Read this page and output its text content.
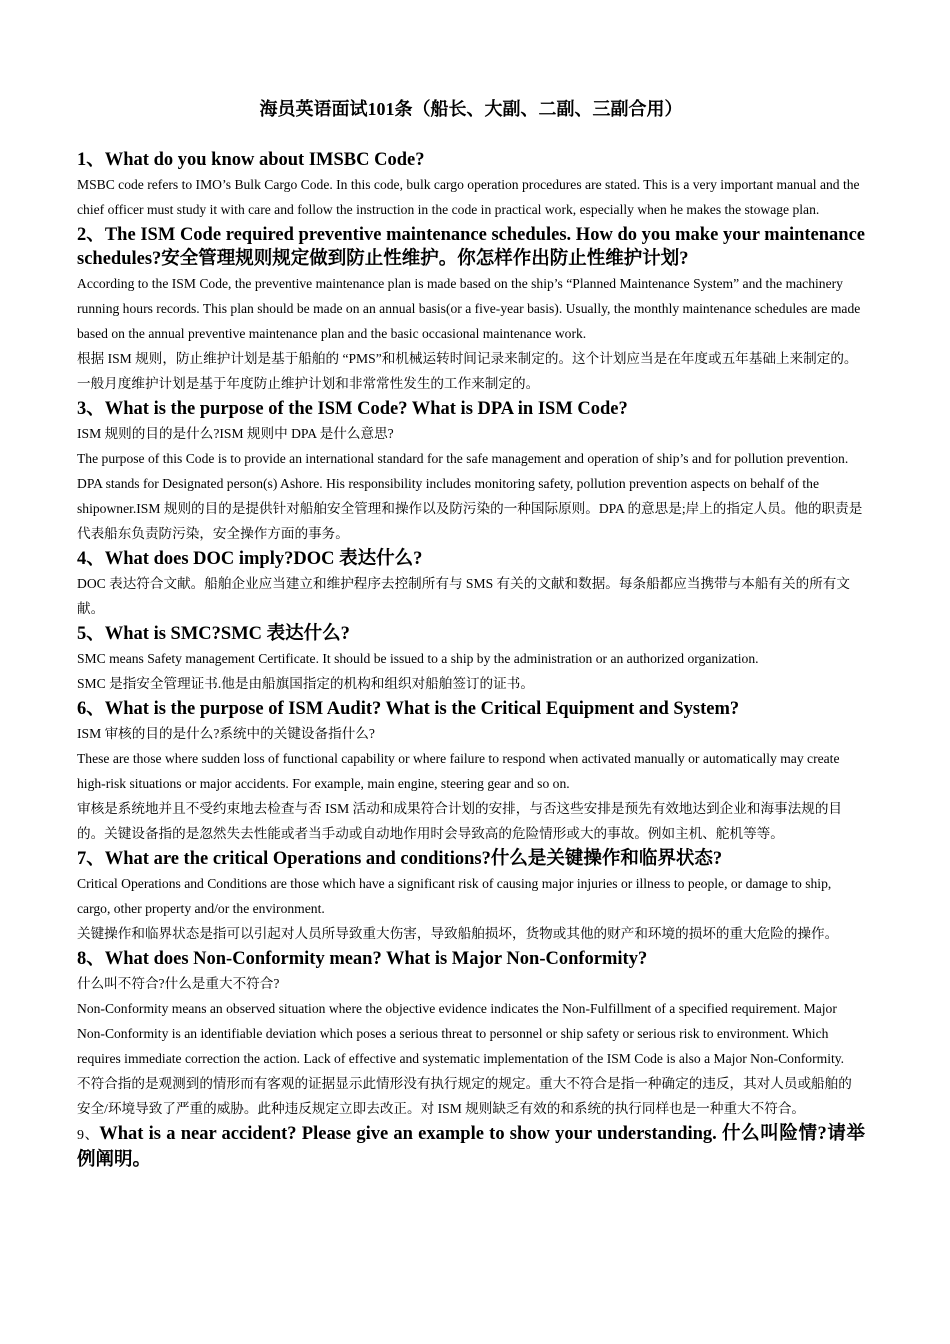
海员英语面试101条（船长、大副、二副、三副合用）
1、What do you know about IMSBC Code?
MSBC code refers to IMO’s Bulk Cargo Code. In this code, bulk cargo operation procedures are stated. This is a very important manual and the chief officer must study it with care and follow the instruction in the code in practical work, especially when he makes the stowage plan.
2、The ISM Code required preventive maintenance schedules. How do you make your maintenance schedules?安全管理规则规定做到防止性维护。你怎样作出防止性维护计划?
According to the ISM Code, the preventive maintenance plan is made based on the ship’s “Planned Maintenance System” and the machinery running hours records. This plan should be made on an annual basis(or a five-year basis). Usually, the monthly maintenance schedules are made based on the annual preventive maintenance plan and the basic occasional maintenance work.
根据 ISM 规则，防止维护计划是基于船舶的 “PMS”和机械运转时间记录来制定的。这个计划应当是在年度或五年基础上来制定的。一般月度维护计划是基于年度防止维护计划和非常常性发生的工作来制定的。
3、What is the purpose of the ISM Code? What is DPA in ISM Code?
ISM 规则的目的是什么?ISM 规则中 DPA 是什么意思?
The purpose of this Code is to provide an international standard for the safe management and operation of ship’s and for pollution prevention. DPA stands for Designated person(s) Ashore. His responsibility includes monitoring safety, pollution prevention aspects on behalf of the shipowner.ISM 规则的目的是提供针对船舶安全管理和操作以及防污染的一种国际原则。DPA 的意思是;岸上的指定人员。他的职责是代表船东负责防污染，安全操作方面的事务。
4、What does DOC imply?DOC 表达什么?
DOC 表达符合文献。船舶企业应当建立和维护程序去控制所有与 SMS 有关的文献和数据。每条船都应当携带与本船有关的所有文献。
5、What is SMC?SMC 表达什么?
SMC means Safety management Certificate. It should be issued to a ship by the administration or an authorized organization.
SMC 是指安全管理证书.他是由船旗国指定的机构和组织对船舶签订的证书。
6、What is the purpose of ISM Audit? What is the Critical Equipment and System?
ISM 审核的目的是什么?系统中的关键设备指什么?
These are those where sudden loss of functional capability or where failure to respond when activated manually or automatically may create high-risk situations or major accidents. For example, main engine, steering gear and so on.
审核是系统地并且不受约束地去检查与否 ISM 活动和成果符合计划的安排，与否这些安排是预先有效地达到企业和海事法规的目的。关键设备指的是忽然失去性能或者当手动或自动地作用时会导致高的危险情形或大的事故。例如主机、舵机等等。
7、What are the critical Operations and conditions?什么是关键操作和临界状态?
Critical Operations and Conditions are those which have a significant risk of causing major injuries or illness to people, or damage to ship, cargo, other property and/or the environment.
关键操作和临界状态是指可以引起对人员所导致重大伤害，导致船舶损坏，货物或其他的财产和环境的损坏的重大危险的操作。
8、What does Non-Conformity mean? What is Major Non-Conformity?
什么叫不符合?什么是重大不符合?
Non-Conformity means an observed situation where the objective evidence indicates the Non-Fulfillment of a specified requirement. Major Non-Conformity is an identifiable deviation which poses a serious threat to personnel or ship safety or serious risk to environment. Which requires immediate correction the action. Lack of effective and systematic implementation of the ISM Code is also a Major Non-Conformity.
不符合指的是观测到的情形而有客观的证据显示此情形没有执行规定的规定。重大不符合是指一种确定的违反，其对人员或船舶的安全/环境导致了严重的威胁。此种违反规定立即去改正。对 ISM 规则缺乏有效的和系统的执行同样也是一种重大不符合。
9、What is a near accident? Please give an example to show your understanding. 什么叫险情?请举例阐明。
